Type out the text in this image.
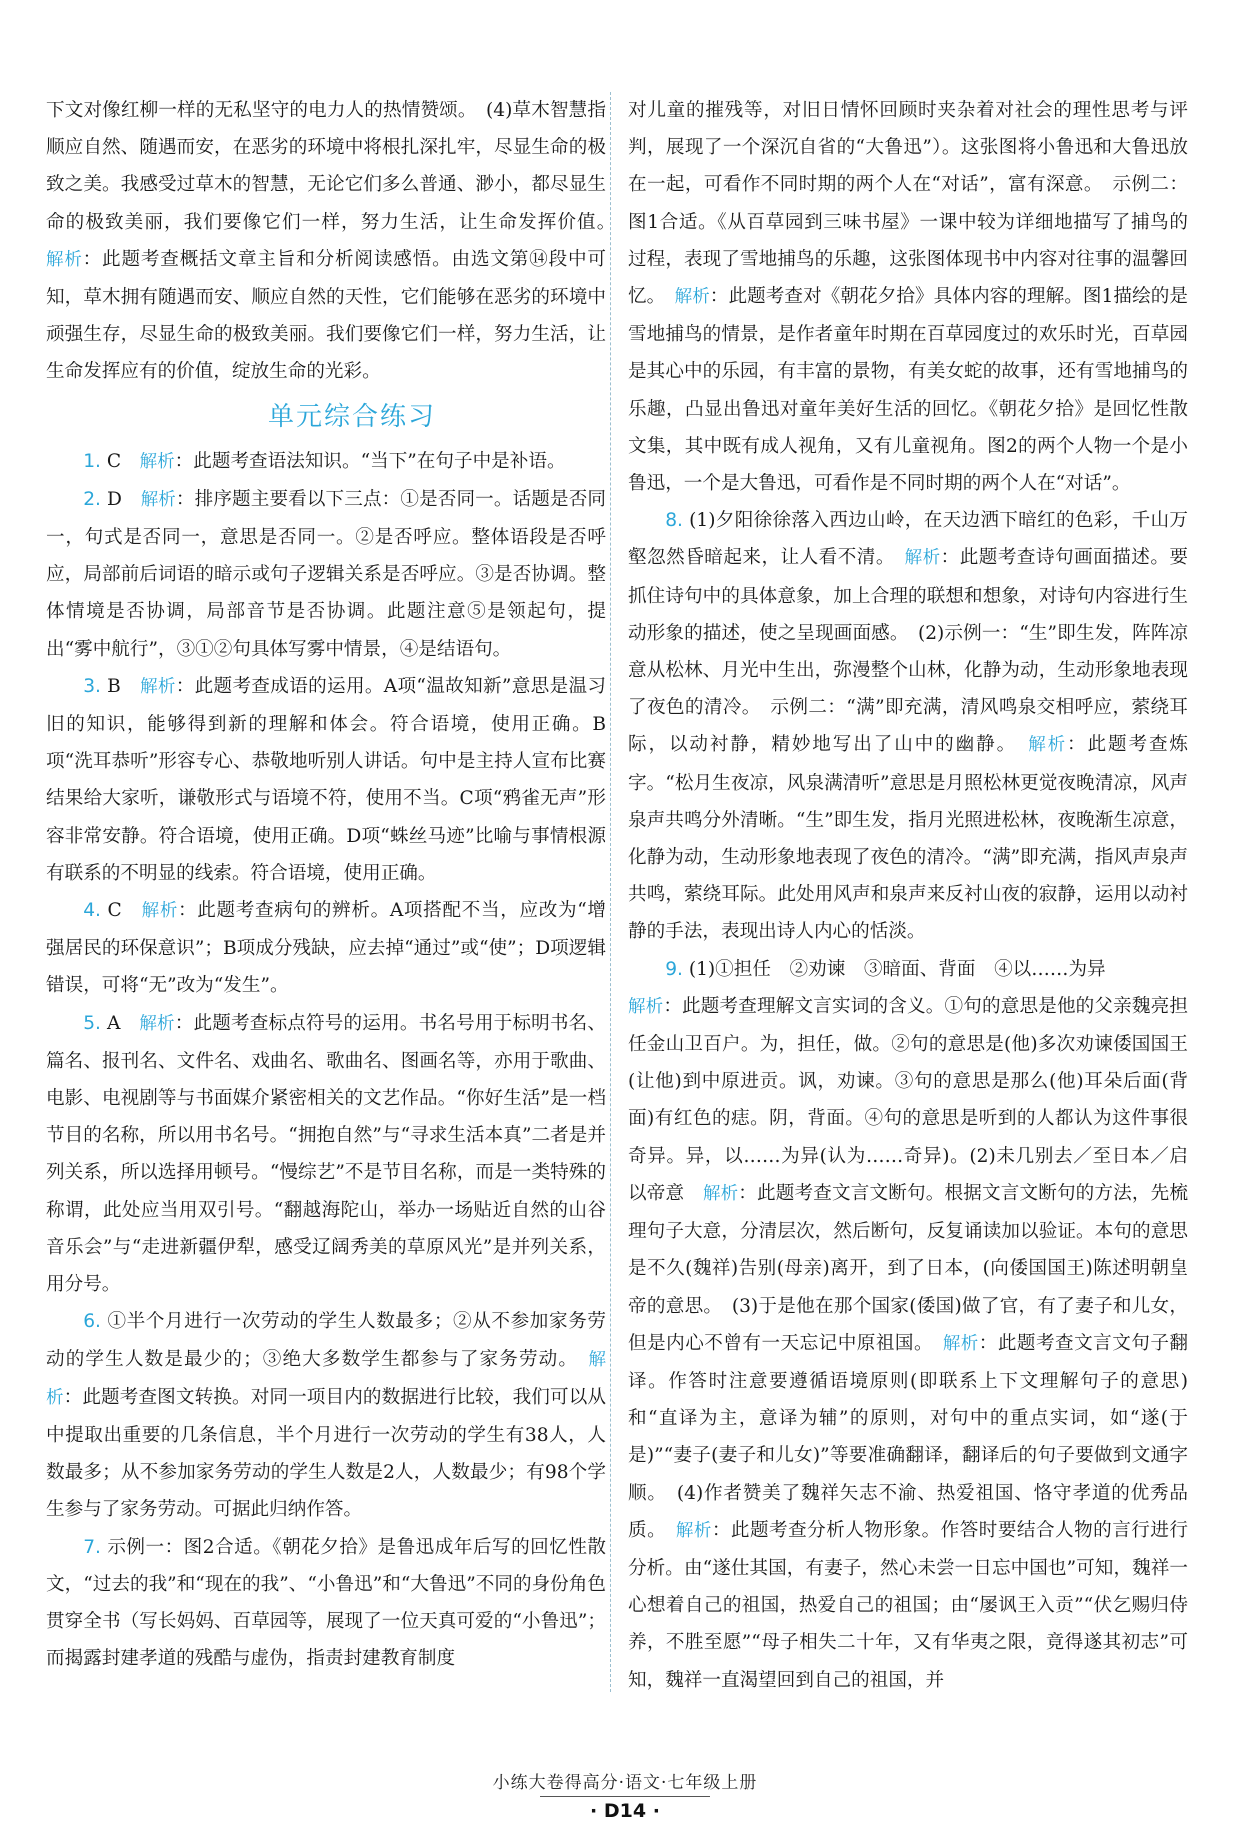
下文对像红柳一样的无私坚守的电力人的热情赞颂。　(4)草木智慧指顺应自然、随遇而安，在恶劣的环境中将根扎深扎牢，尽显生命的极致之美。我感受过草木的智慧，无论它们多么普通、渺小，都尽显生命的极致美丽，我们要像它们一样，努力生活，让生命发挥价值。　解析：此题考查概括文章主旨和分析阅读感悟。由选文第⑭段中可知，草木拥有随遇而安、顺应自然的天性，它们能够在恶劣的环境中顽强生存，尽显生命的极致美丽。我们要像它们一样，努力生活，让生命发挥应有的价值，绽放生命的光彩。

单元综合练习

1. C　解析：此题考查语法知识。“当下”在句子中是补语。

2. D　解析：排序题主要看以下三点：①是否同一。话题是否同一，句式是否同一，意思是否同一。②是否呼应。整体语段是否呼应，局部前后词语的暗示或句子逻辑关系是否呼应。③是否协调。整体情境是否协调，局部音节是否协调。此题注意⑤是领起句，提出“雾中航行”，③①②句具体写雾中情景，④是结语句。

3. B　解析：此题考查成语的运用。A项“温故知新”意思是温习旧的知识，能够得到新的理解和体会。符合语境，使用正确。B项“洗耳恭听”形容专心、恭敬地听别人讲话。句中是主持人宣布比赛结果给大家听，谦敬形式与语境不符，使用不当。C项“鸦雀无声”形容非常安静。符合语境，使用正确。D项“蛛丝马迹”比喻与事情根源有联系的不明显的线索。符合语境，使用正确。

4. C　解析：此题考查病句的辨析。A项搭配不当，应改为“增强居民的环保意识”；B项成分残缺，应去掉“通过”或“使”；D项逻辑错误，可将“无”改为“发生”。

5. A　解析：此题考查标点符号的运用。书名号用于标明书名、篇名、报刊名、文件名、戏曲名、歌曲名、图画名等，亦用于歌曲、电影、电视剧等与书面媒介紧密相关的文艺作品。“你好生活”是一档节目的名称，所以用书名号。“拥抱自然”与“寻求生活本真”二者是并列关系，所以选择用顿号。“慢综艺”不是节目名称，而是一类特殊的称谓，此处应当用双引号。“翻越海陀山，举办一场贴近自然的山谷音乐会”与“走进新疆伊犁，感受辽阔秀美的草原风光”是并列关系，用分号。

6. ①半个月进行一次劳动的学生人数最多；②从不参加家务劳动的学生人数是最少的；③绝大多数学生都参与了家务劳动。　解析：此题考查图文转换。对同一项目内的数据进行比较，我们可以从中提取出重要的几条信息，半个月进行一次劳动的学生有38人，人数最多；从不参加家务劳动的学生人数是2人，人数最少；有98个学生参与了家务劳动。可据此归纳作答。

7. 示例一：图2合适。《朝花夕拾》是鲁迅成年后写的回忆性散文，“过去的我”和“现在的我”、“小鲁迅”和“大鲁迅”不同的身份角色贯穿全书（写长妈妈、百草园等，展现了一位天真可爱的“小鲁迅”；而揭露封建孝道的残酷与虚伪，指责封建教育制度

对儿童的摧残等，对旧日情怀回顾时夹杂着对社会的理性思考与评判，展现了一个深沉自省的“大鲁迅”）。这张图将小鲁迅和大鲁迅放在一起，可看作不同时期的两个人在“对话”，富有深意。　示例二：图1合适。《从百草园到三味书屋》一课中较为详细地描写了捕鸟的过程，表现了雪地捕鸟的乐趣，这张图体现书中内容对往事的温馨回忆。　解析：此题考查对《朝花夕拾》具体内容的理解。图1描绘的是雪地捕鸟的情景，是作者童年时期在百草园度过的欢乐时光，百草园是其心中的乐园，有丰富的景物，有美女蛇的故事，还有雪地捕鸟的乐趣，凸显出鲁迅对童年美好生活的回忆。《朝花夕拾》是回忆性散文集，其中既有成人视角，又有儿童视角。图2的两个人物一个是小鲁迅，一个是大鲁迅，可看作是不同时期的两个人在“对话”。

8. (1)夕阳徐徐落入西边山岭，在天边洒下暗红的色彩，千山万壑忽然昏暗起来，让人看不清。　解析：此题考查诗句画面描述。要抓住诗句中的具体意象，加上合理的联想和想象，对诗句内容进行生动形象的描述，使之呈现画面感。　(2)示例一：“生”即生发，阵阵凉意从松林、月光中生出，弥漫整个山林，化静为动，生动形象地表现了夜色的清冷。　示例二：“满”即充满，清风鸣泉交相呼应，萦绕耳际，以动衬静，精妙地写出了山中的幽静。　解析：此题考查炼字。“松月生夜凉，风泉满清听”意思是月照松林更觉夜晚清凉，风声泉声共鸣分外清晰。“生”即生发，指月光照进松林，夜晚渐生凉意，化静为动，生动形象地表现了夜色的清冷。“满”即充满，指风声泉声共鸣，萦绕耳际。此处用风声和泉声来反衬山夜的寂静，运用以动衬静的手法，表现出诗人内心的恬淡。

9. (1)①担任　②劝谏　③暗面、背面　④以……为异
解析：此题考查理解文言实词的含义。①句的意思是他的父亲魏亮担任金山卫百户。为，担任，做。②句的意思是(他)多次劝谏倭国国王(让他)到中原进贡。讽，劝谏。③句的意思是那么(他)耳朵后面(背面)有红色的痣。阴，背面。④句的意思是听到的人都认为这件事很奇异。异，以……为异(认为……奇异)。(2)未几别去／至日本／启以帝意　解析：此题考查文言文断句。根据文言文断句的方法，先梳理句子大意，分清层次，然后断句，反复诵读加以验证。本句的意思是不久(魏祥)告别(母亲)离开，到了日本，(向倭国国王)陈述明朝皇帝的意思。　(3)于是他在那个国家(倭国)做了官，有了妻子和儿女，但是内心不曾有一天忘记中原祖国。　解析：此题考查文言文句子翻译。作答时注意要遵循语境原则(即联系上下文理解句子的意思)和“直译为主，意译为辅”的原则，对句中的重点实词，如“遂(于是)”“妻子(妻子和儿女)”等要准确翻译，翻译后的句子要做到文通字顺。　(4)作者赞美了魏祥矢志不渝、热爱祖国、恪守孝道的优秀品质。　解析：此题考查分析人物形象。作答时要结合人物的言行进行分析。由“遂仕其国，有妻子，然心未尝一日忘中国也”可知，魏祥一心想着自己的祖国，热爱自己的祖国；由“屡讽王入贡”“伏乞赐归侍养，不胜至愿”“母子相失二十年，又有华夷之限，竟得遂其初志”可知，魏祥一直渴望回到自己的祖国，并

小练大卷得高分·语文·七年级上册
· D14 ·
